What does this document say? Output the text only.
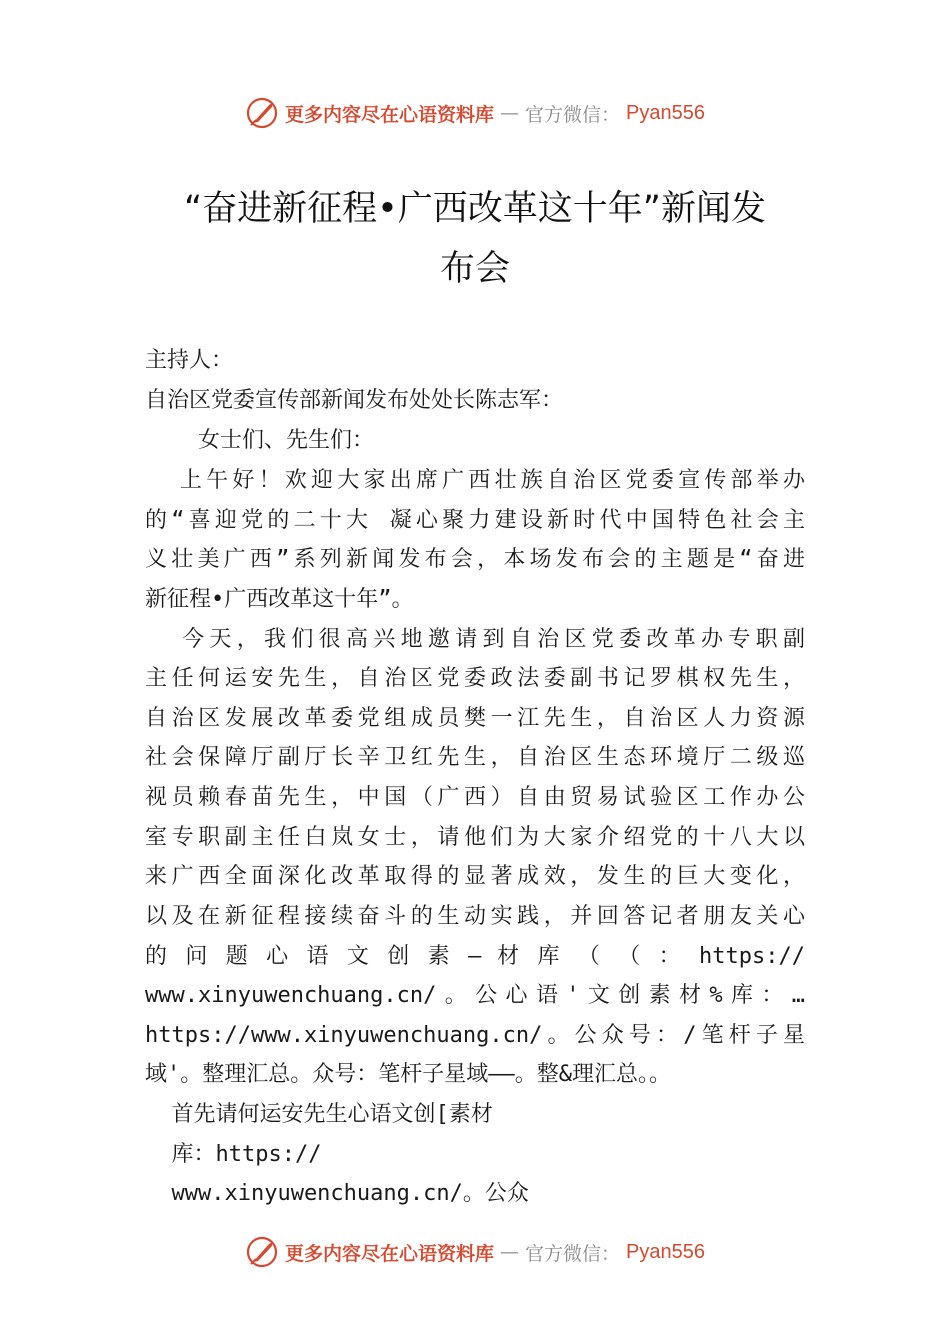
更多内容尽在心语资料库 — 官方微信： Pyan556
“奋进新征程•广西改革这十年”新闻发
布会
主持人：
自治区党委宣传部新闻发布处处长陈志军：
女士们、先生们：
上午好！欢迎大家出席广西壮族自治区党委宣传部举办
的“喜迎党的二十大 凝心聚力建设新时代中国特色社会主
义壮美广西”系列新闻发布会，本场发布会的主题是“奋进
新征程•广西改革这十年”。
今天，我们很高兴地邀请到自治区党委改革办专职副
主任何运安先生，自治区党委政法委副书记罗棋权先生，
自治区发展改革委党组成员樊一江先生，自治区人力资源
社会保障厅副厅长辛卫红先生，自治区生态环境厅二级巡
视员赖春苗先生，中国（广西）自由贸易试验区工作办公
室专职副主任白岚女士，请他们为大家介绍党的十八大以
来广西全面深化改革取得的显著成效，发生的巨大变化，
以及在新征程接续奋斗的生动实践，并回答记者朋友关心
的 问 题 心 语 文 创 素 — 材 库 （ （ ： https://
www.xinyuwenchuang.cn/。公心语'文创素材%库：…
https://www.xinyuwenchuang.cn/。公众号：/笔杆子星
域'。整理汇总。众号：笔杆子星域——。整&理汇总。。
首先请何运安先生心语文创[素材
库：https://
www.xinyuwenchuang.cn/。公众
更多内容尽在心语资料库 — 官方微信： Pyan556
